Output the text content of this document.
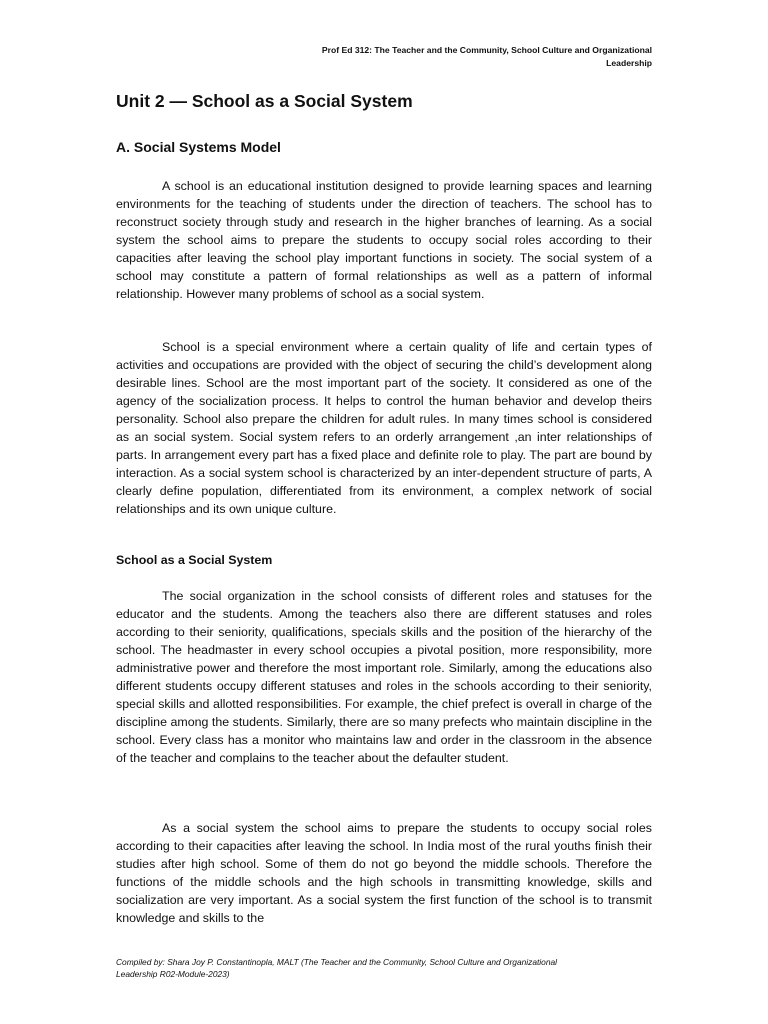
Prof Ed 312: The Teacher and the Community, School Culture and Organizational Leadership
Unit 2 — School as a Social System
A. Social Systems Model

A school is an educational institution designed to provide learning spaces and learning environments for the teaching of students under the direction of teachers. The school has to reconstruct society through study and research in the higher branches of learning. As a social system the school aims to prepare the students to occupy social roles according to their capacities after leaving the school play important functions in society. The social system of a school may constitute a pattern of formal relationships as well as a pattern of informal relationship. However many problems of school as a social system.

School is a special environment where a certain quality of life and certain types of activities and occupations are provided with the object of securing the child’s development along desirable lines. School are the most important part of the society. It considered as one of the agency of the socialization process. It helps to control the human behavior and develop theirs personality. School also prepare the children for adult rules. In many times school is considered as an social system. Social system refers to an orderly arrangement ,an inter relationships of parts. In arrangement every part has a fixed place and definite role to play. The part are bound by interaction. As a social system school is characterized by an inter-dependent structure of parts, A clearly define population, differentiated from its environment, a complex network of social relationships and its own unique culture.

School as a Social System

The social organization in the school consists of different roles and statuses for the educator and the students. Among the teachers also there are different statuses and roles according to their seniority, qualifications, specials skills and the position of the hierarchy of the school. The headmaster in every school occupies a pivotal position, more responsibility, more administrative power and therefore the most important role. Similarly, among the educations also different students occupy different statuses and roles in the schools according to their seniority, special skills and allotted responsibilities. For example, the chief prefect is overall in charge of the discipline among the students. Similarly, there are so many prefects who maintain discipline in the school. Every class has a monitor who maintains law and order in the classroom in the absence of the teacher and complains to the teacher about the defaulter student.

As a social system the school aims to prepare the students to occupy social roles according to their capacities after leaving the school. In India most of the rural youths finish their studies after high school. Some of them do not go beyond the middle schools. Therefore the functions of the middle schools and the high schools in transmitting knowledge, skills and socialization are very important. As a social system the first function of the school is to transmit knowledge and skills to the

Compiled by: Shara Joy P. Constantinopla, MALT (The Teacher and the Community, School Culture and Organizational Leadership R02-Module-2023)
